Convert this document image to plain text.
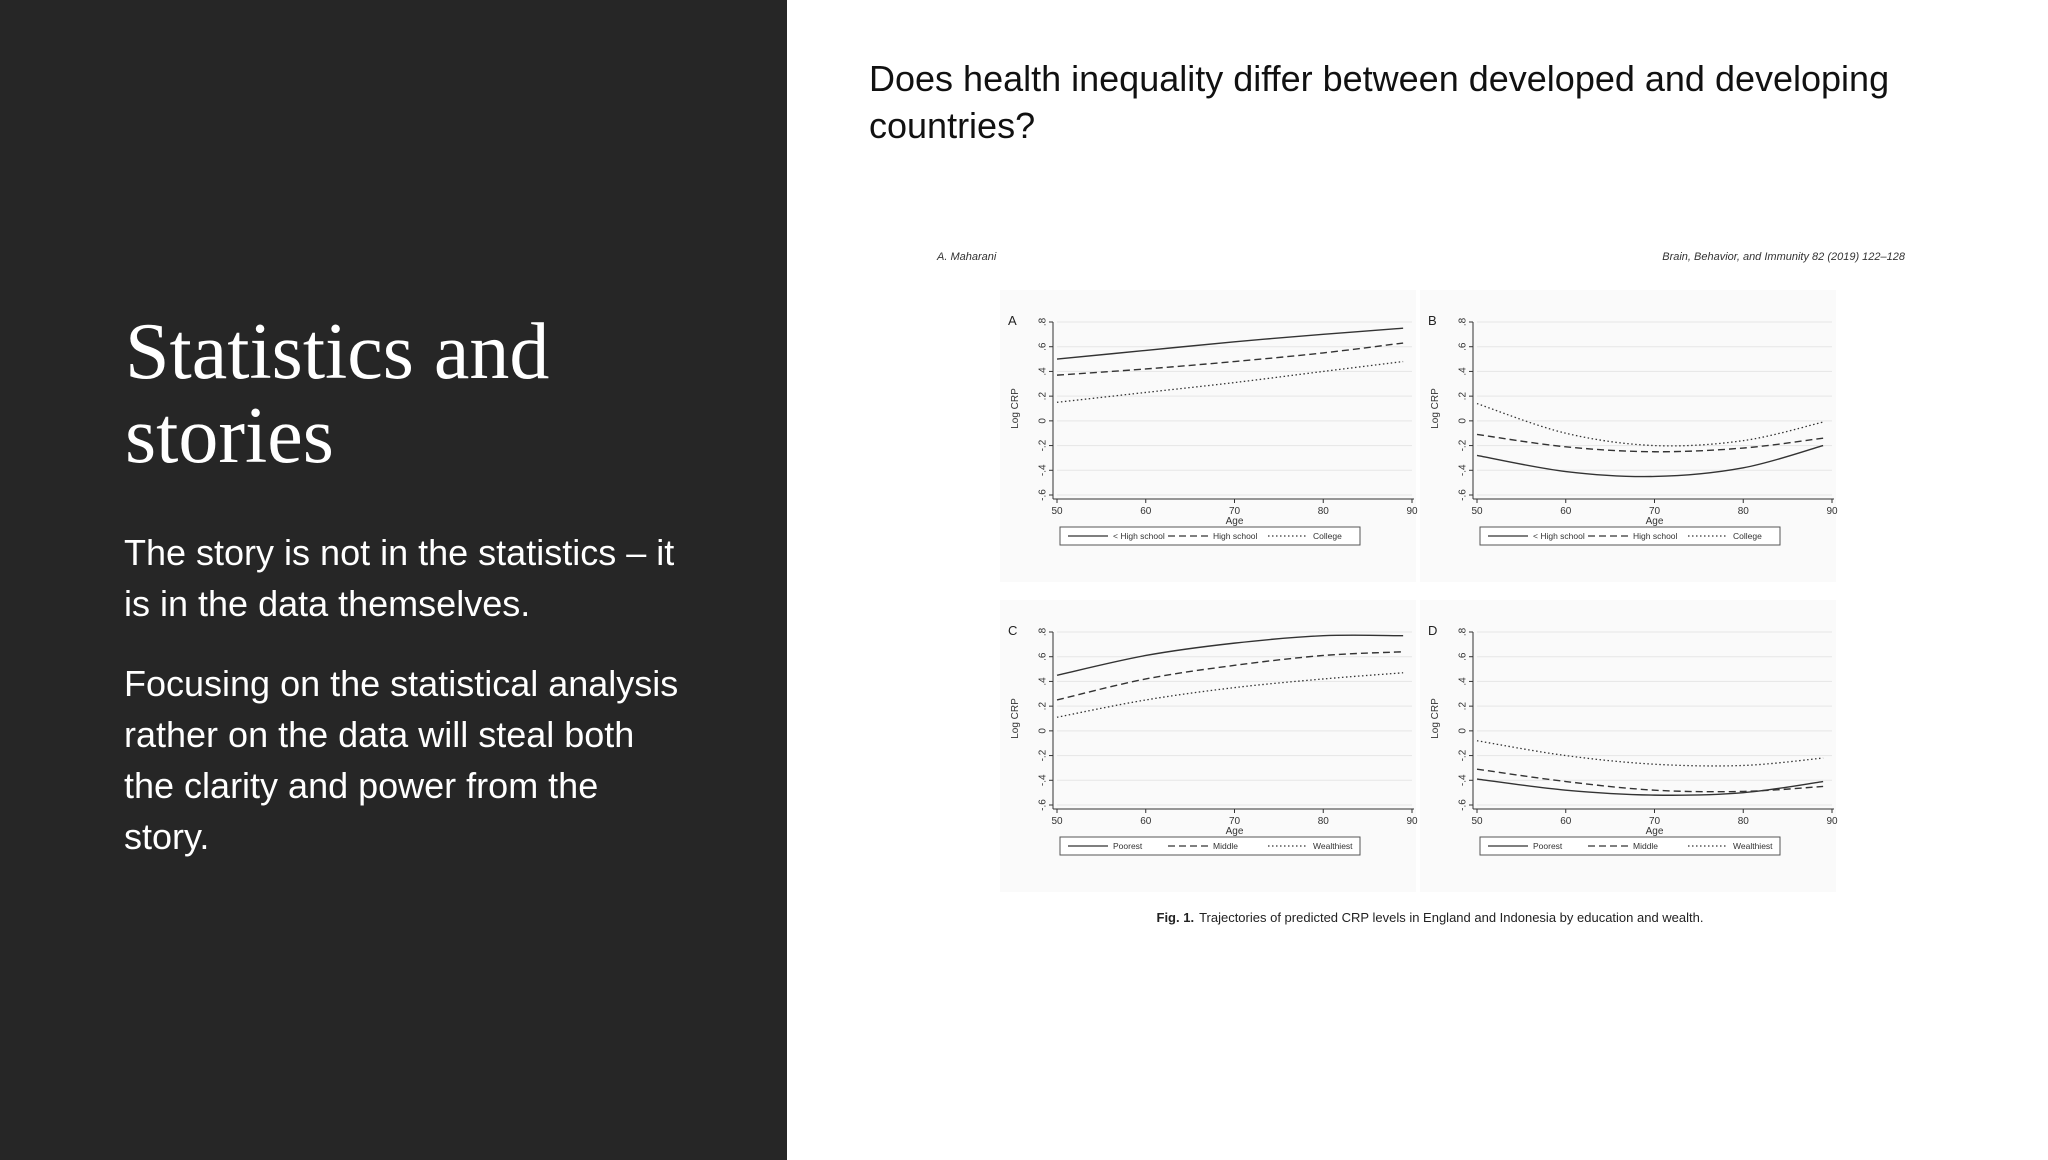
Statistics and
stories

The story is not in the statistics – it is in the data themselves.

Focusing on the statistical analysis rather on the data will steal both the clarity and power from the story.

Does health inequality differ between developed and developing countries?
A. Maharani	Brain, Behavior, and Immunity 82 (2019) 122–128
.8
.6
.4
.2
0
-.2
-.4
-.6
50	60	70	80	90
Age
Log CRP
A
< High school	High school	College
.8
.6
.4
.2
0
-.2
-.4
-.6
50	60	70	80	90
Age
Log CRP
B
< High school	High school	College
.8
.6
.4
.2
0
-.2
-.4
-.6
50	60	70	80	90
Age
Log CRP
C
Poorest	Middle	Wealthiest
.8
.6
.4
.2
0
-.2
-.4
-.6
50	60	70	80	90
Age
Log CRP
D
Poorest	Middle	Wealthiest
Fig. 1. Trajectories of predicted CRP levels in England and Indonesia by education and wealth.
